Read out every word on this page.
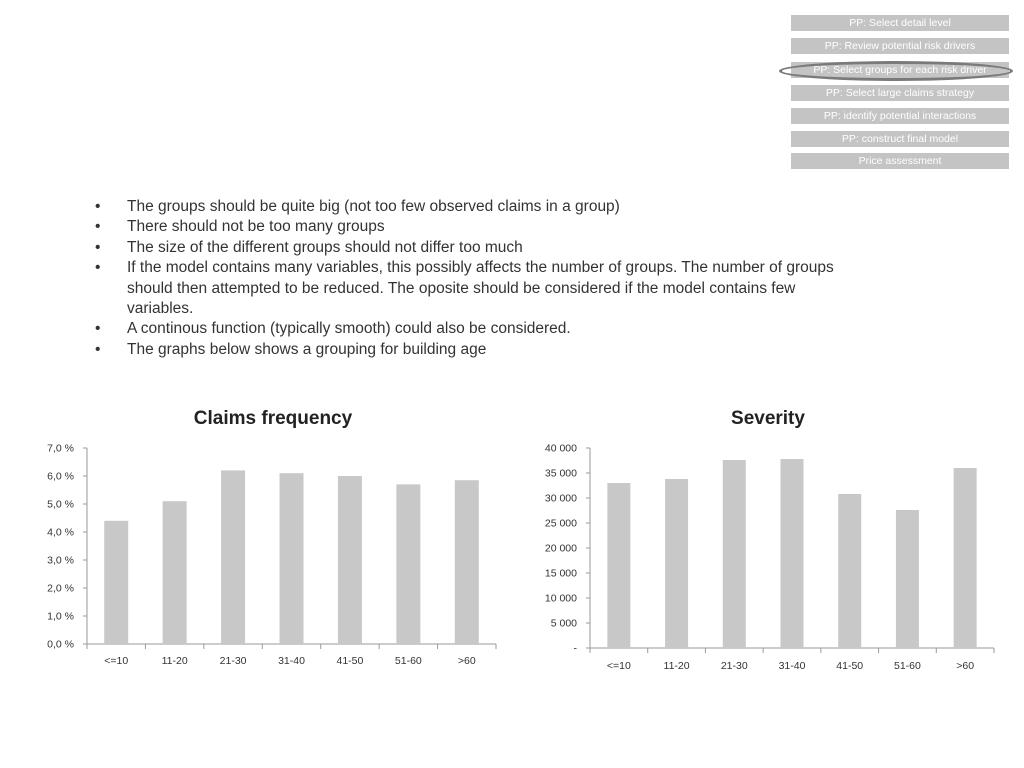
PP: Select detail level
PP: Review potential risk drivers
PP: Select groups for each risk driver
PP: Select large claims strategy
PP: identify potential interactions
PP: construct final model
Price assessment
• The groups should be quite big (not too few observed claims in a group)
• There should not be too many groups
• The size of the different groups should not differ too much
• If the model contains many variables, this possibly affects the number of groups. The number of groups should then attempted to be reduced. The oposite should be considered if the model contains few variables.
• A continous function (typically smooth) could also be considered.
• The graphs below shows a grouping for building age
Claims frequency
0,0 %
1,0 %
2,0 %
3,0 %
4,0 %
5,0 %
6,0 %
7,0 %
<=10	11-20	21-30	31-40	41-50	51-60	>60
Severity
-
5 000
10 000
15 000
20 000
25 000
30 000
35 000
40 000
<=10	11-20	21-30	31-40	41-50	51-60	>60
